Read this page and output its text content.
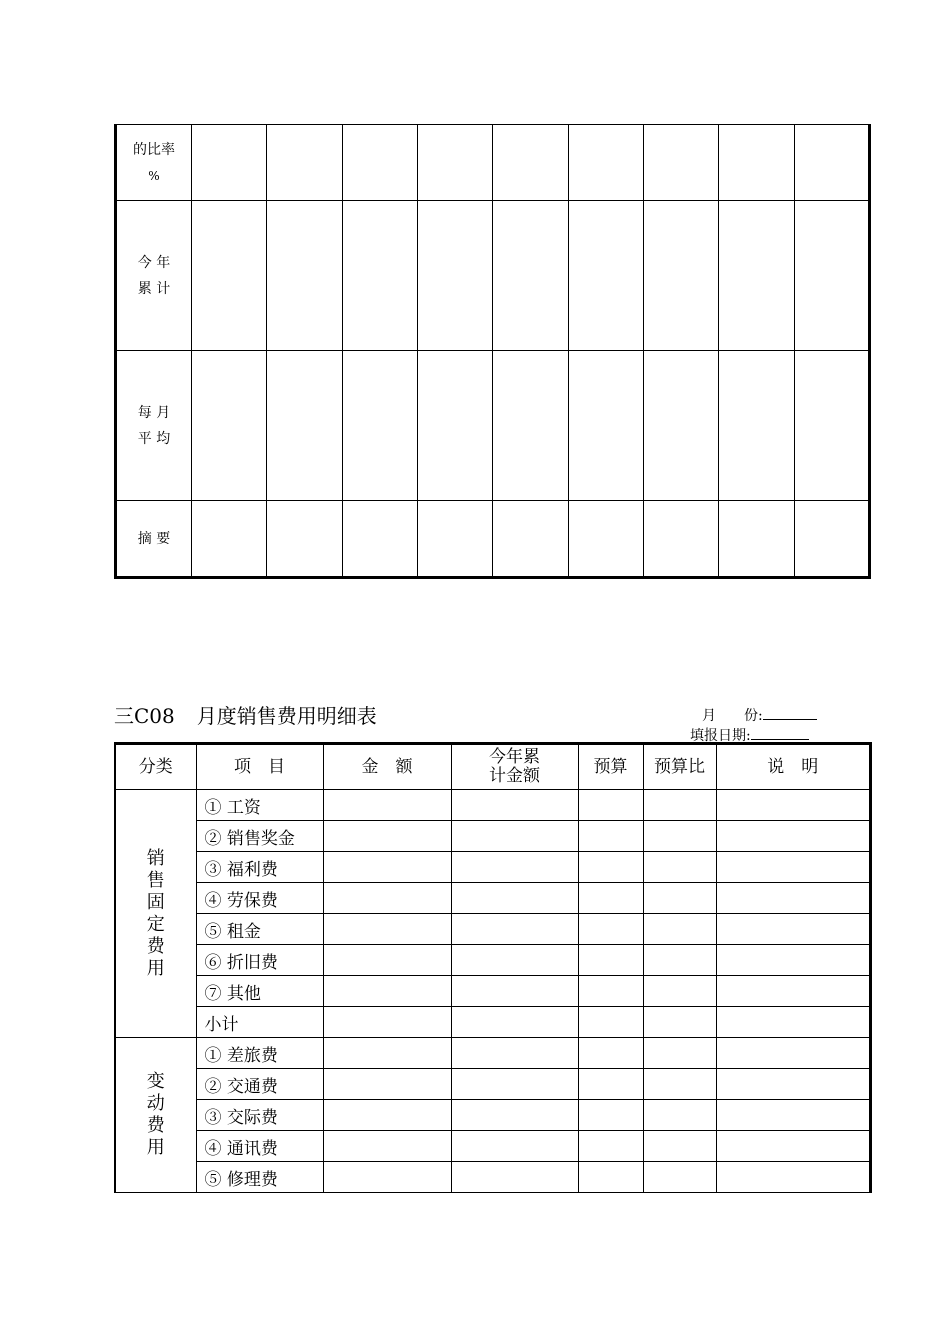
的比率
%									

今 年
累 计									

每 月
平 均									

摘 要									

三C08 月度销售费用明细表	月　　份:
填报日期:
分类	项　目	金　额	今年累
计金额	预算	预算比	说　明
销售固定费用	① 工资					
	② 销售奖金					
	③ 福利费					
	④ 劳保费					
	⑤ 租金					
	⑥ 折旧费					
	⑦ 其他					
	小计					
变动费用	① 差旅费					
	② 交通费					
	③ 交际费					
	④ 通讯费					
	⑤ 修理费					
